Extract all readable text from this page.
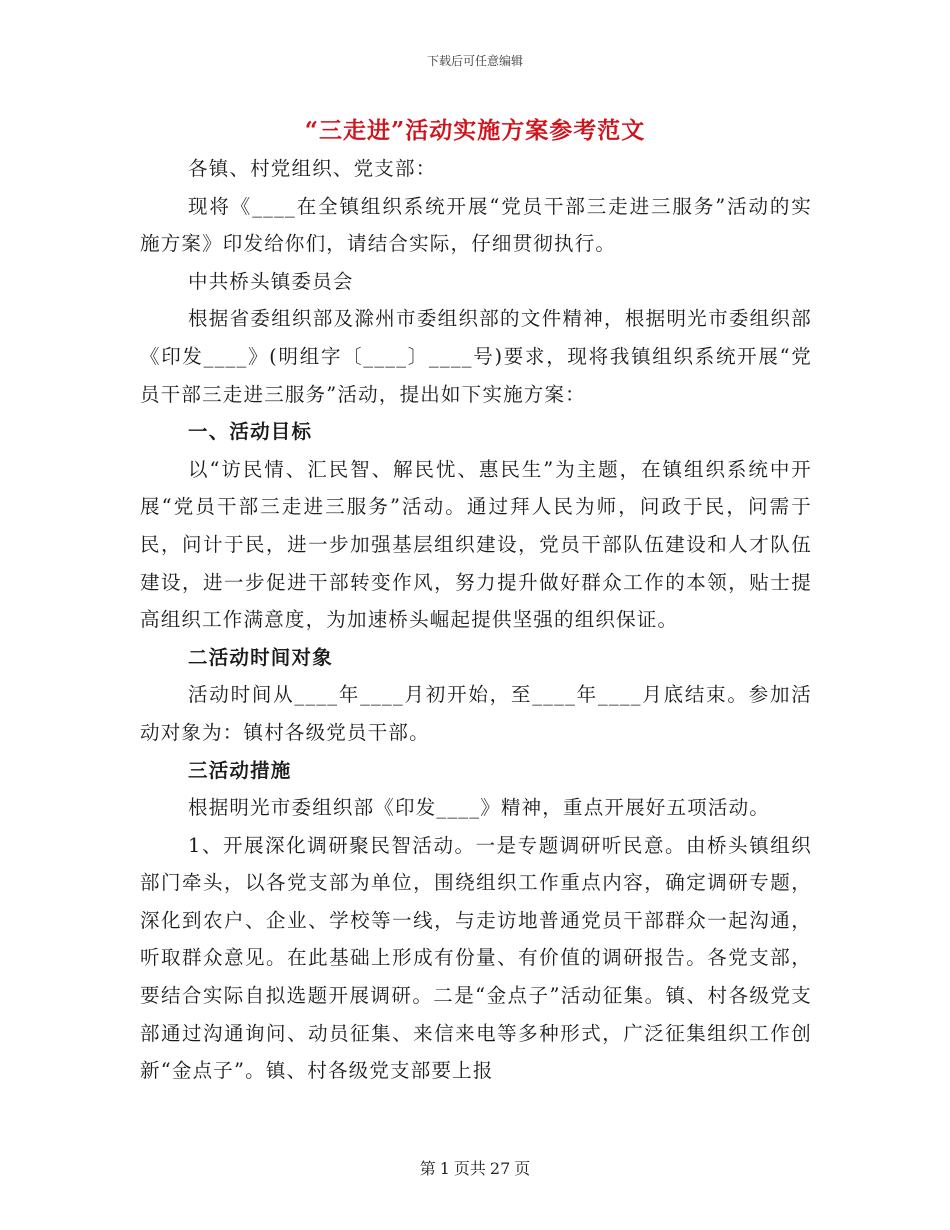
下载后可任意编辑
“三走进”活动实施方案参考范文

各镇、村党组织、党支部：

现将《____在全镇组织系统开展“党员干部三走进三服务”活动的实施方案》印发给你们，请结合实际，仔细贯彻执行。

中共桥头镇委员会

根据省委组织部及滁州市委组织部的文件精神，根据明光市委组织部《印发____》(明组字〔____〕____号)要求，现将我镇组织系统开展“党员干部三走进三服务”活动，提出如下实施方案：

一、活动目标

以“访民情、汇民智、解民忧、惠民生”为主题，在镇组织系统中开展“党员干部三走进三服务”活动。通过拜人民为师，问政于民，问需于民，问计于民，进一步加强基层组织建设，党员干部队伍建设和人才队伍建设，进一步促进干部转变作风，努力提升做好群众工作的本领，贴士提高组织工作满意度，为加速桥头崛起提供坚强的组织保证。

二活动时间对象

活动时间从____年____月初开始，至____年____月底结束。参加活动对象为：镇村各级党员干部。

三活动措施

根据明光市委组织部《印发____》精神，重点开展好五项活动。

1、开展深化调研聚民智活动。一是专题调研听民意。由桥头镇组织部门牵头，以各党支部为单位，围绕组织工作重点内容，确定调研专题，深化到农户、企业、学校等一线，与走访地普通党员干部群众一起沟通，听取群众意见。在此基础上形成有份量、有价值的调研报告。各党支部，要结合实际自拟选题开展调研。二是“金点子”活动征集。镇、村各级党支部通过沟通询问、动员征集、来信来电等多种形式，广泛征集组织工作创新“金点子”。镇、村各级党支部要上报

第 1 页共 27 页
